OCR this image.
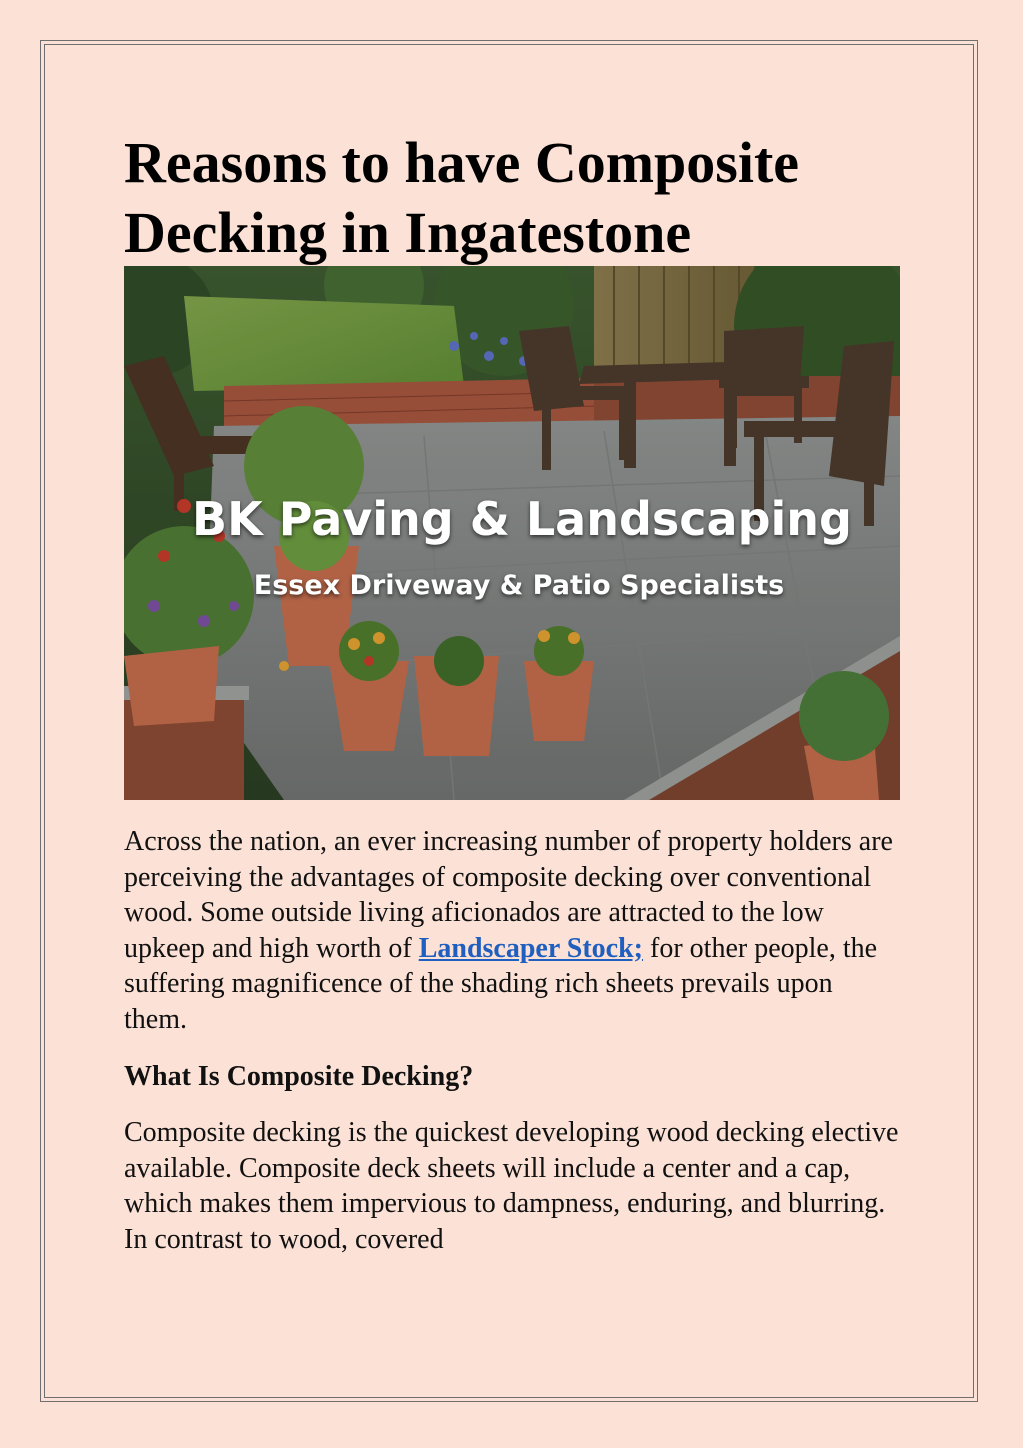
Reasons to have Composite Decking in Ingatestone
BK Paving & Landscaping
Essex Driveway & Patio Specialists

Across the nation, an ever increasing number of property holders are perceiving the advantages of composite decking over conventional wood. Some outside living aficionados are attracted to the low upkeep and high worth of Landscaper Stock; for other people, the suffering magnificence of the shading rich sheets prevails upon them.

What Is Composite Decking?

Composite decking is the quickest developing wood decking elective available. Composite deck sheets will include a center and a cap, which makes them impervious to dampness, enduring, and blurring. In contrast to wood, covered
